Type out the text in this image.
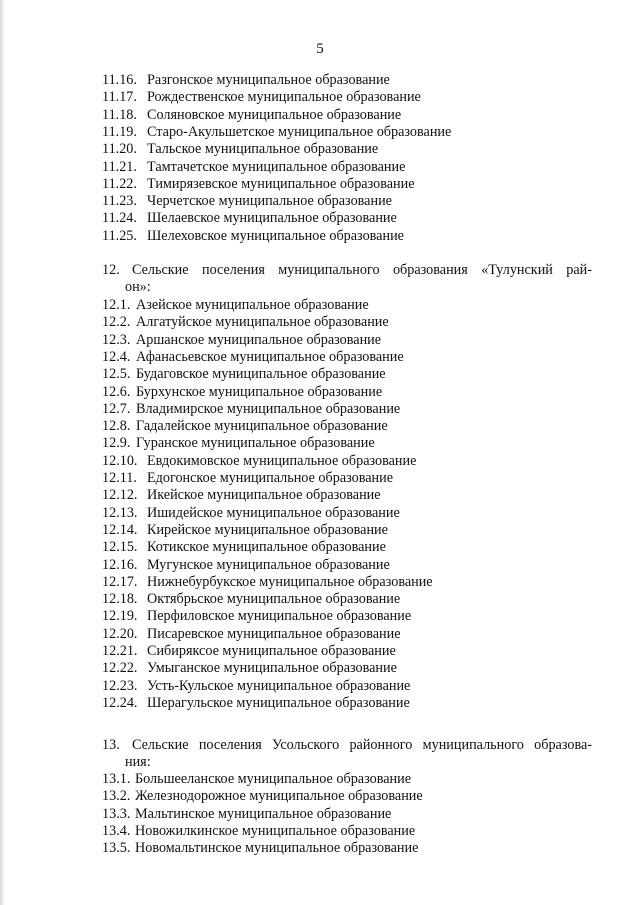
5
12. Сельские поселения муниципального образования «Тулунский рай-
он»:
13. Сельские поселения Усольского районного муниципального образова-
ния:
11.16. Разгонское муниципальное образование
11.17. Рождественское муниципальное образование
11.18. Соляновское муниципальное образование
11.19. Старо-Акульшетское муниципальное образование
11.20. Тальское муниципальное образование
11.21. Тамтачетское муниципальное образование
11.22. Тимирязевское муниципальное образование
11.23. Черчетское муниципальное образование
11.24. Шелаевское муниципальное образование
11.25. Шелеховское муниципальное образование
12.1. Азейское муниципальное образование
12.2. Алгатуйское муниципальное образование
12.3. Аршанское муниципальное образование
12.4. Афанасьевское муниципальное образование
12.5. Будаговское муниципальное образование
12.6. Бурхунское муниципальное образование
12.7. Владимирское муниципальное образование
12.8. Гадалейское муниципальное образование
12.9. Гуранское муниципальное образование
12.10. Евдокимовское муниципальное образование
12.11. Едогонское муниципальное образование
12.12. Икейское муниципальное образование
12.13. Ишидейское муниципальное образование
12.14. Кирейское муниципальное образование
12.15. Котикское муниципальное образование
12.16. Мугунское муниципальное образование
12.17. Нижнебурбукское муниципальное образование
12.18. Октябрьское муниципальное образование
12.19. Перфиловское муниципальное образование
12.20. Писаревское муниципальное образование
12.21. Сибиряксое муниципальное образование
12.22. Умыганское муниципальное образование
12.23. Усть-Кульское муниципальное образование
12.24. Шерагульское муниципальное образование
13.1. Большееланское муниципальное образование
13.2. Железнодорожное муниципальное образование
13.3. Мальтинское муниципальное образование
13.4. Новожилкинское муниципальное образование
13.5. Новомальтинское муниципальное образование
